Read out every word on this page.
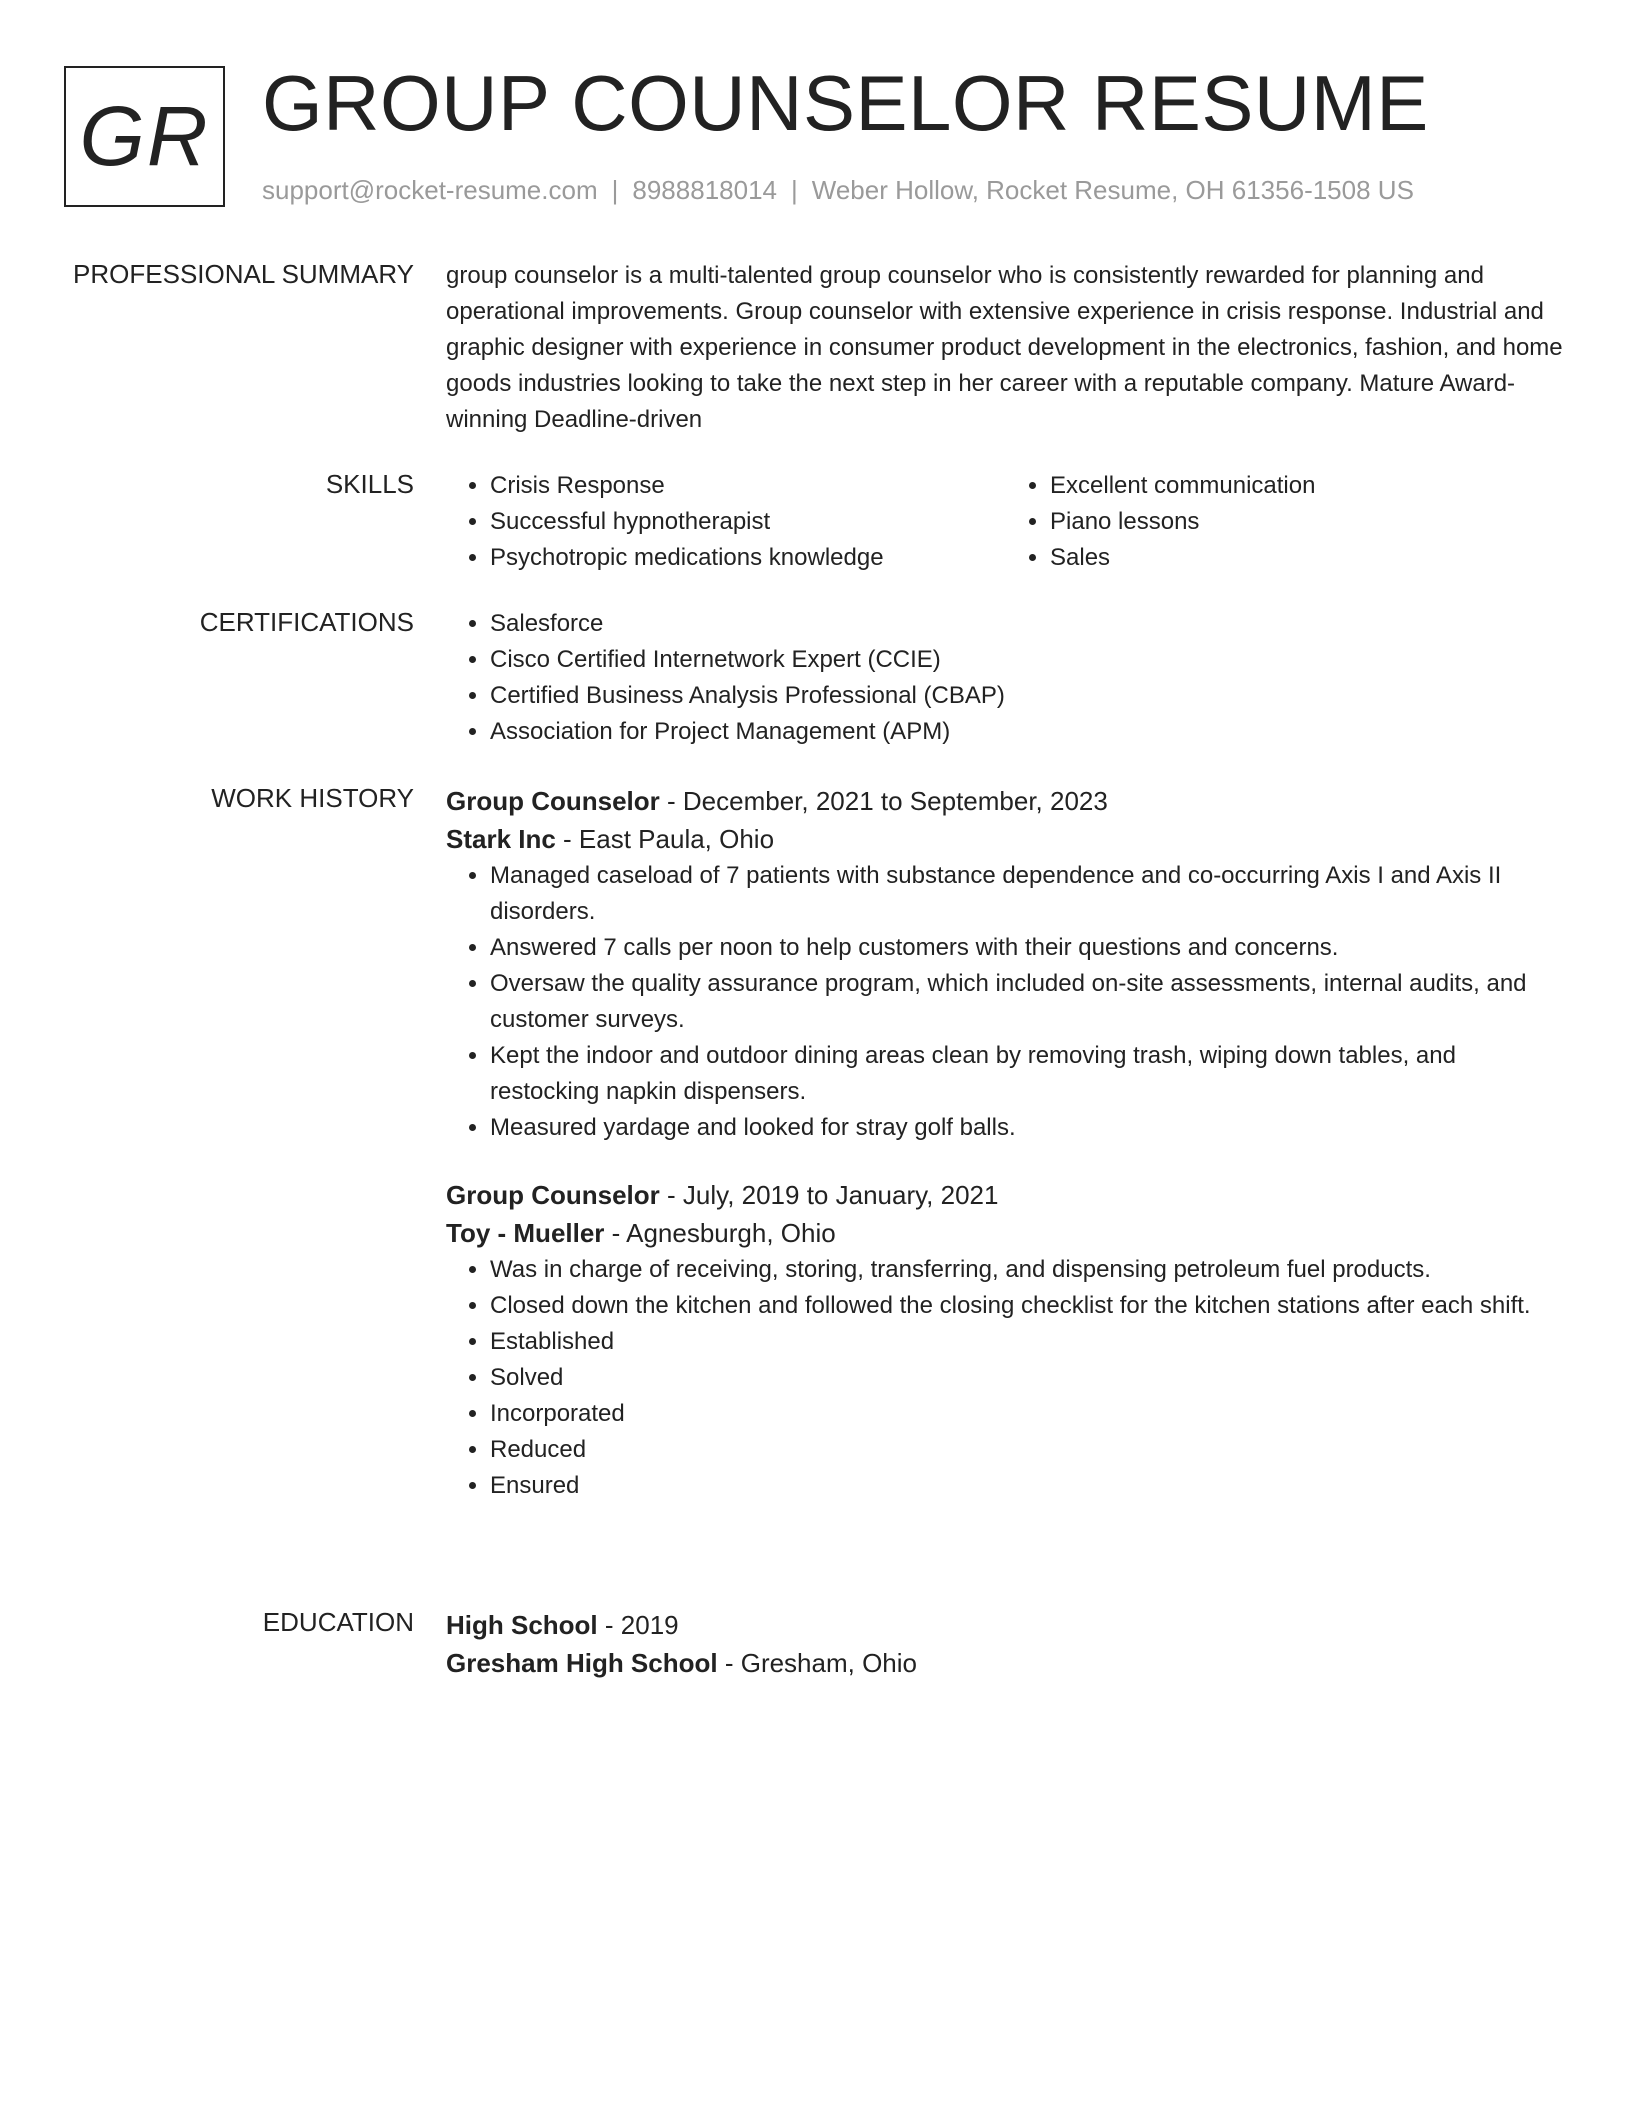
GR GROUP COUNSELOR RESUME
support@rocket-resume.com | 8988818014 | Weber Hollow, Rocket Resume, OH 61356-1508 US
PROFESSIONAL SUMMARY group counselor is a multi-talented group counselor who is consistently rewarded for planning and operational improvements. Group counselor with extensive experience in crisis response. Industrial and graphic designer with experience in consumer product development in the electronics, fashion, and home goods industries looking to take the next step in her career with a reputable company. Mature Award-winning Deadline-driven

SKILLS	• Crisis Response
• Successful hypnotherapist
• Psychotropic medications knowledge
• Excellent communication
• Piano lessons
• Sales
CERTIFICATIONS	• Salesforce
• Cisco Certified Internetwork Expert (CCIE)
• Certified Business Analysis Professional (CBAP)
• Association for Project Management (APM)
WORK HISTORY Group Counselor - December, 2021 to September, 2023
Stark Inc - East Paula, Ohio
• Managed caseload of 7 patients with substance dependence and co-occurring Axis I and Axis II disorders.
• Answered 7 calls per noon to help customers with their questions and concerns.
• Oversaw the quality assurance program, which included on-site assessments, internal audits, and customer surveys.
• Kept the indoor and outdoor dining areas clean by removing trash, wiping down tables, and restocking napkin dispensers.
• Measured yardage and looked for stray golf balls.
Group Counselor - July, 2019 to January, 2021
Toy - Mueller - Agnesburgh, Ohio
• Was in charge of receiving, storing, transferring, and dispensing petroleum fuel products.
• Closed down the kitchen and followed the closing checklist for the kitchen stations after each shift.
• Established
• Solved
• Incorporated
• Reduced
• Ensured
EDUCATION High School - 2019
Gresham High School - Gresham, Ohio
